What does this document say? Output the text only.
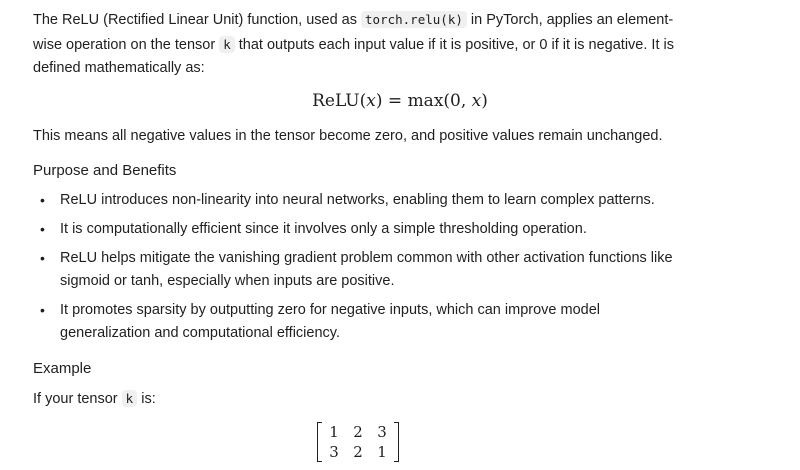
The ReLU (Rectified Linear Unit) function, used as torch.relu(k) in PyTorch, applies an element-wise operation on the tensor k that outputs each input value if it is positive, or 0 if it is negative. It is defined mathematically as:

ReLU(x) = max(0, x)

This means all negative values in the tensor become zero, and positive values remain unchanged.

Purpose and Benefits
• ReLU introduces non-linearity into neural networks, enabling them to learn complex patterns.
• It is computationally efficient since it involves only a simple thresholding operation.
• ReLU helps mitigate the vanishing gradient problem common with other activation functions like sigmoid or tanh, especially when inputs are positive.
• It promotes sparsity by outputting zero for negative inputs, which can improve model generalization and computational efficiency.
Example

If your tensor k is:

1	2	3
3	2	1
